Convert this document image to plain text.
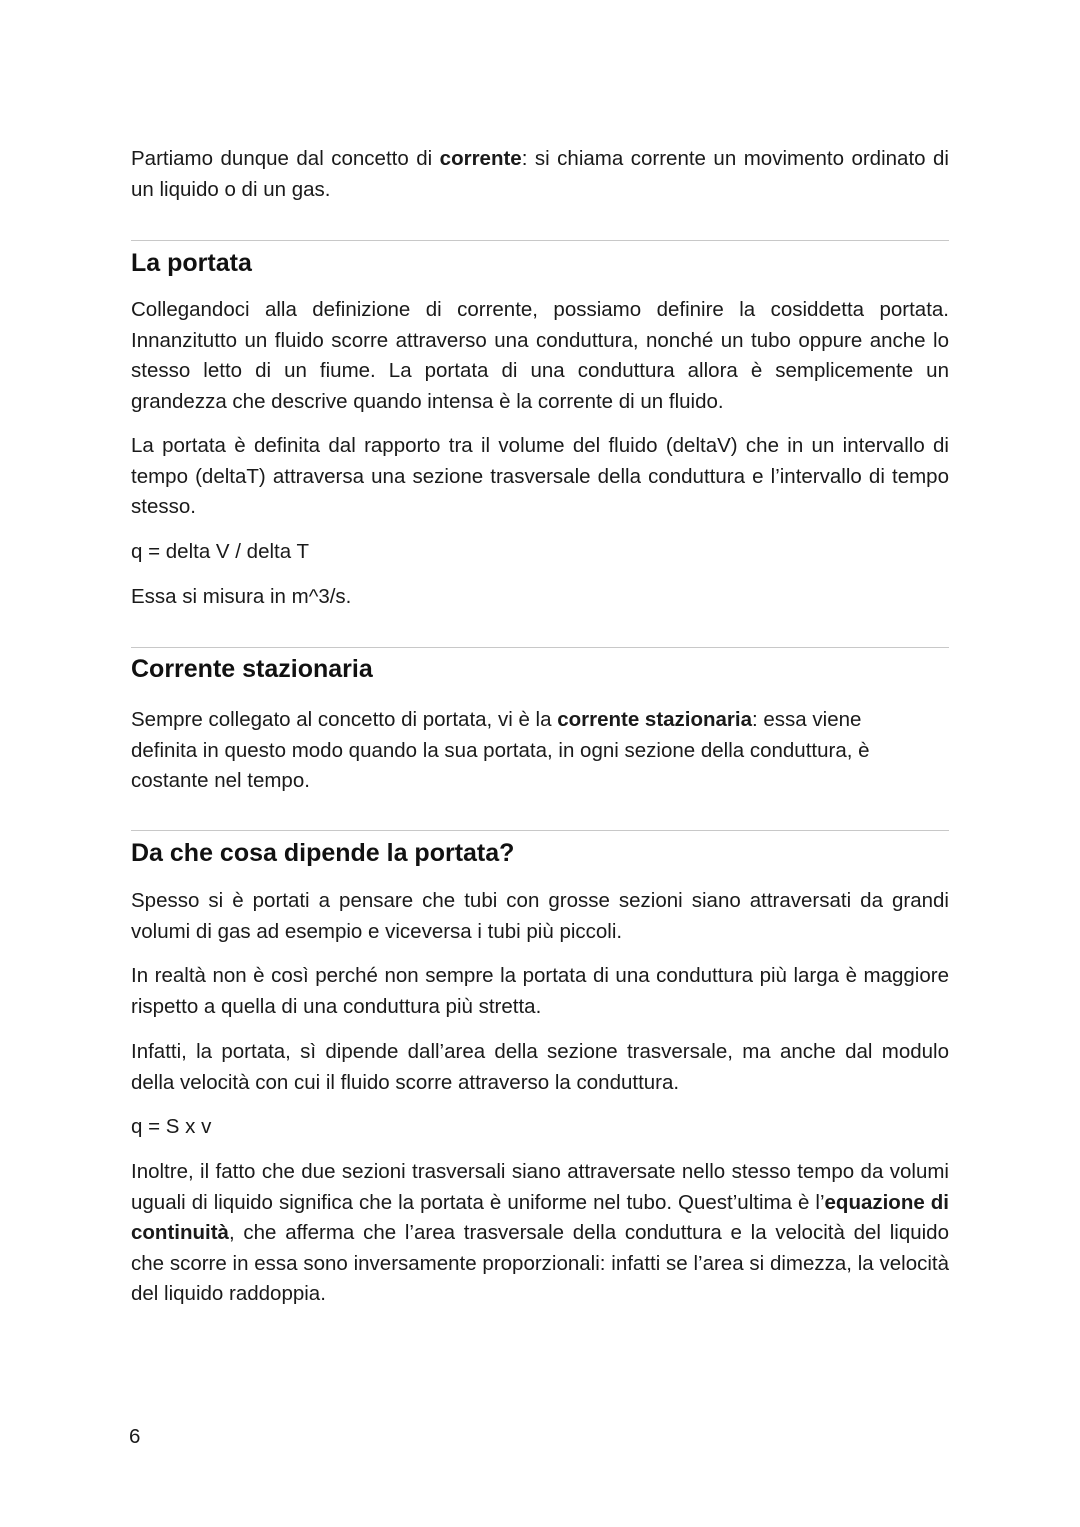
Partiamo dunque dal concetto di corrente: si chiama corrente un movimento ordinato di un liquido o di un gas.

La portata

Collegandoci alla definizione di corrente, possiamo definire la cosiddetta portata. Innanzitutto un fluido scorre attraverso una conduttura, nonché un tubo oppure anche lo stesso letto di un fiume. La portata di una conduttura allora è semplicemente un grandezza che descrive quando intensa è la corrente di un fluido.

La portata è definita dal rapporto tra il volume del fluido (deltaV) che in un intervallo di tempo (deltaT) attraversa una sezione trasversale della conduttura e l’intervallo di tempo stesso.

q = delta V / delta T

Essa si misura in m^3/s.

Corrente stazionaria

Sempre collegato al concetto di portata, vi è la corrente stazionaria: essa viene definita in questo modo quando la sua portata, in ogni sezione della conduttura, è costante nel tempo.

Da che cosa dipende la portata?

Spesso si è portati a pensare che tubi con grosse sezioni siano attraversati da grandi volumi di gas ad esempio e viceversa i tubi più piccoli.

In realtà non è così perché non sempre la portata di una conduttura più larga è maggiore rispetto a quella di una conduttura più stretta.

Infatti, la portata, sì dipende dall’area della sezione trasversale, ma anche dal modulo della velocità con cui il fluido scorre attraverso la conduttura.

q = S x v

Inoltre, il fatto che due sezioni trasversali siano attraversate nello stesso tempo da volumi uguali di liquido significa che la portata è uniforme nel tubo. Quest’ultima è l’equazione di continuità, che afferma che l’area trasversale della conduttura e la velocità del liquido che scorre in essa sono inversamente proporzionali: infatti se l’area si dimezza, la velocità del liquido raddoppia.

6
